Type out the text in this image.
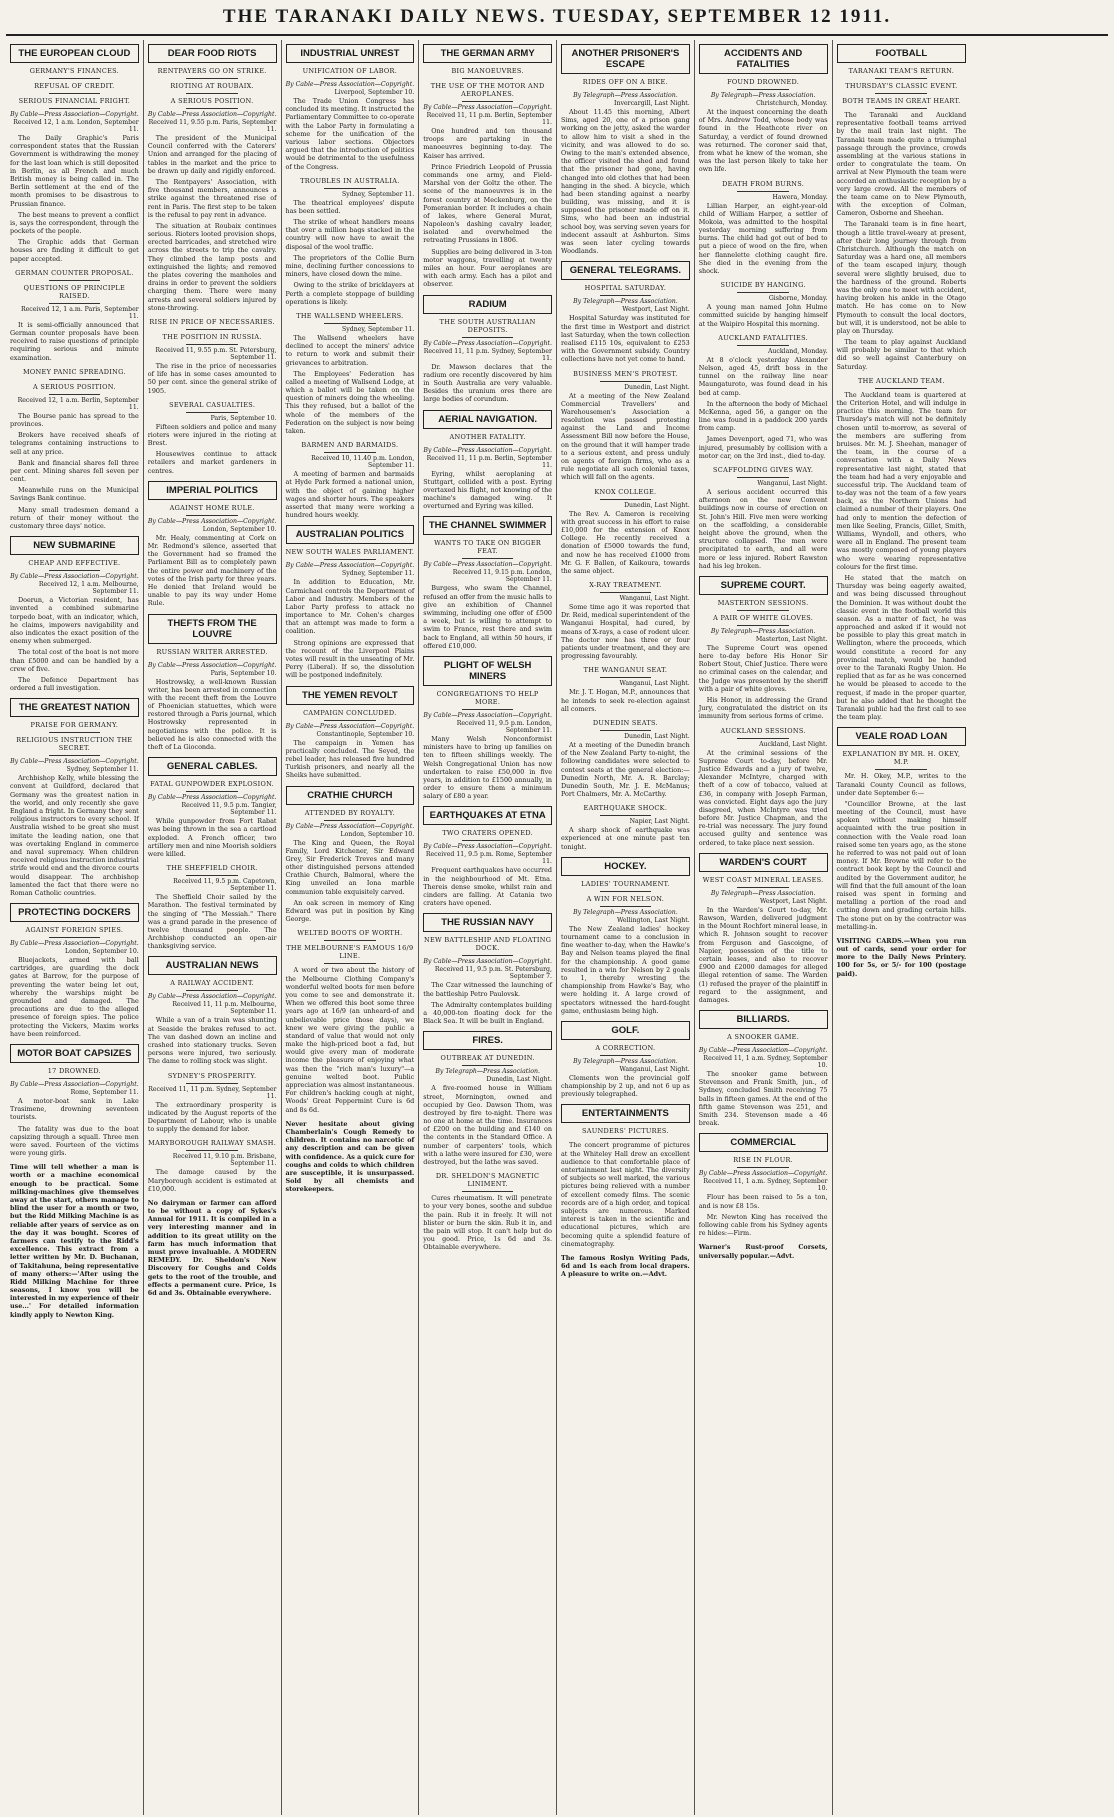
THE TARANAKI DAILY NEWS. TUESDAY, SEPTEMBER 12 1911.
THE EUROPEAN CLOUD
GERMANY'S FINANCES.
REFUSAL OF CREDIT.
SERIOUS FINANCIAL FRIGHT.
By Cable—Press Association—Copyright.
Received 12, 1 a.m. London, September 11.

The Daily Graphic's Paris correspondent states that the Russian Government is withdrawing the money for the last loan which is still deposited in Berlin, as all French and much British money is being called in. The Berlin settlement at the end of the month promises to be disastrous to Prussian finance.

The best means to prevent a conflict is, says the correspondent, through the pockets of the people.

The Graphic adds that German houses are finding it difficult to get paper accepted.

GERMAN COUNTER PROPOSAL.
QUESTIONS OF PRINCIPLE RAISED.
Received 12, 1 a.m. Paris, September 11.

It is semi-officially announced that German counter proposals have been received to raise questions of principle requiring serious and minute examination.

MONEY PANIC SPREADING.
A SERIOUS POSITION.
Received 12, 1 a.m. Berlin, September 11.

The Bourse panic has spread to the provinces.

Brokers have received sheafs of telegrams containing instructions to sell at any price.

Bank and financial shares fell three per cent. Mining shares fell seven per cent.

Meanwhile runs on the Municipal Savings Bank continue.

Many small tradesmen demand a return of their money without the customary three days' notice.

NEW SUBMARINE
CHEAP AND EFFECTIVE.
By Cable—Press Association—Copyright.
Received 12, 1 a.m. Melbourne, September 11.

Doerun, a Victorian resident, has invented a combined submarine torpedo boat, with an indicator, which, he claims, impowers navigability and also indicates the exact position of the enemy when submerged.

The total cost of the boat is not more than £5000 and can be handled by a crew of five.

The Defence Department has ordered a full investigation.

THE GREATEST NATION
PRAISE FOR GERMANY.
RELIGIOUS INSTRUCTION THE SECRET.
By Cable—Press Association—Copyright.
Sydney, September 11.

Archbishop Kelly, while blessing the convent at Guildford, declared that Germany was the greatest nation in the world, and only recently she gave England a fright. In Germany they sent religious instructors to every school. If Australia wished to be great she must imitate the leading nation, one that was overtaking England in commerce and naval supremacy. When children received religious instruction industrial strife would end and the divorce courts would disappear. The archbishop lamented the fact that there were no Roman Catholic countries.

PROTECTING DOCKERS
AGAINST FOREIGN SPIES.
By Cable—Press Association—Copyright.
London, September 10.

Bluejackets, armed with ball cartridges, are guarding the dock gates at Barrow, for the purpose of preventing the water being let out, whereby the warships might be grounded and damaged. The precautions are due to the alleged presence of foreign spies. The police protecting the Vickers, Maxim works have been reinforced.

MOTOR BOAT CAPSIZES
17 DROWNED.
By Cable—Press Association—Copyright.
Rome, September 11.

A motor-boat sank in Lake Trasimene, drowning seventeen tourists.

The fatality was due to the boat capsizing through a squall. Three men were saved. Fourteen of the victims were young girls.

Time will tell whether a man is worth or a machine economical enough to be practical. Some milking-machines give themselves away at the start, others manage to blind the user for a month or two, but the Ridd Milking Machine is as reliable after years of service as on the day it was bought. Scores of farmers can testify to the Ridd's excellence. This extract from a letter written by Mr. D. Buchanan, of Takitahuna, being representative of many others:—'After using the Ridd Milking Machine for three seasons, I know you will be interested in my experience of their use...' For detailed information kindly apply to Newton King.
DEAR FOOD RIOTS
RENTPAYERS GO ON STRIKE.
RIOTING AT ROUBAIX.
A SERIOUS POSITION.
By Cable—Press Association—Copyright.
Received 11, 9.55 p.m. Paris, September 11.

The president of the Municipal Council conferred with the Caterers' Union and arranged for the placing of tables in the market and the price to be drawn up daily and rigidly enforced.

The Rentpayers' Association, with five thousand members, announces a strike against the threatened rise of rent in Paris. The first step to be taken is the refusal to pay rent in advance.

The situation at Roubaix continues serious. Rioters looted provision shops, erected barricades, and stretched wire across the streets to trip the cavalry. They climbed the lamp posts and extinguished the lights; and removed the plates covering the manholes and drains in order to prevent the soldiers charging them. There were many arrests and several soldiers injured by stone-throwing.

RISE IN PRICE OF NECESSARIES.
THE POSITION IN RUSSIA.
Received 11, 9.55 p.m. St. Petersburg, September 11.

The rise in the price of necessaries of life has in some cases amounted to 50 per cent. since the general strike of 1905.

SEVERAL CASUALTIES.
Paris, September 10.

Fifteen soldiers and police and many rioters were injured in the rioting at Brest.

Housewives continue to attack retailers and market gardeners in centres.

IMPERIAL POLITICS
AGAINST HOME RULE.
By Cable—Press Association—Copyright.
London, September 10.

Mr. Healy, commenting at Cork on Mr. Redmond's silence, asserted that the Government had so framed the Parliament Bill as to completely pawn the entire power and machinery of the votes of the Irish party for three years. He denied that Ireland would be unable to pay its way under Home Rule.

THEFTS FROM THE LOUVRE
RUSSIAN WRITER ARRESTED.
By Cable—Press Association—Copyright.
Paris, September 10.

Hostrowsky, a well-known Russian writer, has been arrested in connection with the recent theft from the Louvre of Phoenician statuettes, which were restored through a Paris journal, which Hostrowsky represented in negotiations with the police. It is believed he is also connected with the theft of La Gioconda.

GENERAL CABLES.
FATAL GUNPOWDER EXPLOSION.
By Cable—Press Association—Copyright.
Received 11, 9.5 p.m. Tangier, September 11.

While gunpowder from Fort Rabat was being thrown in the sea a cartload exploded. A French officer, two artillery men and nine Moorish soldiers were killed.

THE SHEFFIELD CHOIR.
Received 11, 9.5 p.m. Capetown, September 11.

The Sheffield Choir sailed by the Marathon. The festival terminated by the singing of "The Messiah." There was a grand parade in the presence of twelve thousand people. The Archbishop conducted an open-air thanksgiving service.

AUSTRALIAN NEWS
A RAILWAY ACCIDENT.
By Cable—Press Association—Copyright.
Received 11, 11 p.m. Melbourne, September 11.

While a van of a train was shunting at Seaside the brakes refused to act. The van dashed down an incline and crashed into stationary trucks. Seven persons were injured, two seriously. The dame to rolling stock was slight.

SYDNEY'S PROSPERITY.
Received 11, 11 p.m. Sydney, September 11.

The extraordinary prosperity is indicated by the August reports of the Department of Labour, who is unable to supply the demand for labor.

MARYBOROUGH RAILWAY SMASH.
Received 11, 9.10 p.m. Brisbane, September 11.

The damage caused by the Maryborough accident is estimated at £10,000.

No dairyman or farmer can afford to be without a copy of Sykes's Annual for 1911. It is compiled in a very interesting manner and in addition to its great utility on the farm has much information that must prove invaluable. A MODERN REMEDY. Dr. Sheldon's New Discovery for Coughs and Colds gets to the root of the trouble, and effects a permanent cure. Price, 1s 6d and 3s. Obtainable everywhere.
INDUSTRIAL UNREST
UNIFICATION OF LABOR.
By Cable—Press Association—Copyright.
Liverpool, September 10.

The Trade Union Congress has concluded its meeting. It instructed the Parliamentary Committee to co-operate with the Labor Party in formulating a scheme for the unification of the various labor sections. Objectors argued that the introduction of politics would be detrimental to the usefulness of the Congress.

TROUBLES IN AUSTRALIA.
Sydney, September 11.

The theatrical employees' dispute has been settled.

The strike of wheat handlers means that over a million bags stacked in the country will now have to await the disposal of the wool traffic.

The proprietors of the Collie Burn mine, declining further concessions to miners, have closed down the mine.

Owing to the strike of bricklayers at Perth a complete stoppage of building operations is likely.

THE WALLSEND WHEELERS.
Sydney, September 11.

The Wallsend wheelers have declined to accept the miners' advice to return to work and submit their grievances to arbitration.

The Employees' Federation has called a meeting of Wallsend Lodge, at which a ballot will be taken on the question of miners doing the wheeling. This they refused, but a ballot of the whole of the members of the Federation on the subject is now being taken.

BARMEN AND BARMAIDS.
Received 10, 11.40 p.m. London, September 11.

A meeting of barmen and barmaids at Hyde Park formed a national union, with the object of gaining higher wages and shorter hours. The speakers asserted that many were working a hundred hours weekly.

AUSTRALIAN POLITICS
NEW SOUTH WALES PARLIAMENT.
By Cable—Press Association—Copyright.
Sydney, September 11.

In addition to Education, Mr. Carmichael controls the Department of Labor and Industry. Members of the Labor Party profess to attack no importance to Mr. Cohen's charges that an attempt was made to form a coalition.

Strong opinions are expressed that the recount of the Liverpool Plains votes will result in the unseating of Mr. Perry (Liberal). If so, the dissolution will be postponed indefinitely.

THE YEMEN REVOLT
CAMPAIGN CONCLUDED.
By Cable—Press Association—Copyright.
Constantinople, September 10.

The campaign in Yemen has practically concluded. The Seyed, the rebel leader, has released five hundred Turkish prisoners, and nearly all the Sheiks have submitted.

CRATHIE CHURCH
ATTENDED BY ROYALTY.
By Cable—Press Association—Copyright.
London, September 10.

The King and Queen, the Royal Family, Lord Kitchener, Sir Edward Grey, Sir Frederick Treves and many other distinguished persons attended Crathie Church, Balmoral, where the King unveiled an Iona marble communion table exquisitely carved.

An oak screen in memory of King Edward was put in position by King George.

WELTED BOOTS OF WORTH.
THE MELBOURNE'S FAMOUS 16/9 LINE.

A word or two about the history of the Melbourne Clothing Company's wonderful welted boots for men before you come to see and demonstrate it. When we offered this boot some three years ago at 16/9 (an unheard-of and unbelievable price those days), we knew we were giving the public a standard of value that would not only make the high-priced boot a fad, but would give every man of moderate income the pleasure of enjoying what was then the "rich man's luxury"—a genuine welted boot. Public appreciation was almost instantaneous. For children's hacking cough at night, Woods' Great Peppermint Cure is 6d and 8s 6d.

Never hesitate about giving Chamberlain's Cough Remedy to children. It contains no narcotic of any description and can be given with confidence. As a quick cure for coughs and colds to which children are susceptible, it is unsurpassed. Sold by all chemists and storekeepers.
THE GERMAN ARMY
BIG MANOEUVRES.
THE USE OF THE MOTOR AND AEROPLANES.
By Cable—Press Association—Copyright.
Received 11, 11 p.m. Berlin, September 11.

One hundred and ten thousand troops are partaking in the manoeuvres beginning to-day. The Kaiser has arrived.

Prince Friedrich Leopold of Prussia commands one army, and Field-Marshal von der Goltz the other. The scene of the manoeuvres is in the forest country at Meckenburg, on the Pomeranian border. It includes a chain of lakes, where General Murat, Napoleon's dashing cavalry leader, isolated and overwhelmed the retreating Prussians in 1806.

Supplies are being delivered in 3-ton motor waggons, travelling at twenty miles an hour. Four aeroplanes are with each army. Each has a pilot and observer.

RADIUM
THE SOUTH AUSTRALIAN DEPOSITS.
By Cable—Press Association—Copyright.
Received 11, 11 p.m. Sydney, September 11.

Dr. Mawson declares that the radium ore recently discovered by him in South Australia are very valuable. Besides the uranium ores there are large bodies of corundum.

AERIAL NAVIGATION.
ANOTHER FATALITY.
By Cable—Press Association—Copyright.
Received 11, 11 p.m. Berlin, September 11.

Eyring, whilst aeroplaning at Stuttgart, collided with a post. Eyring overtaxed his flight, not knowing of the machine's damaged wing. It overturned and Eyring was killed.

THE CHANNEL SWIMMER
WANTS TO TAKE ON BIGGER FEAT.
By Cable—Press Association—Copyright.
Received 11, 9.15 p.m. London, September 11.

Burgess, who swam the Channel, refused an offer from the music halls to give an exhibition of Channel swimming, including one offer of £500 a week, but is willing to attempt to swim to France, rest there and swim back to England, all within 50 hours, if offered £10,000.

PLIGHT OF WELSH MINERS
CONGREGATIONS TO HELP MORE.
By Cable—Press Association—Copyright.
Received 11, 9.5 p.m. London, September 11.

Many Welsh Nonconformist ministers have to bring up families on ten to fifteen shillings weekly. The Welsh Congregational Union has now undertaken to raise £50,000 in five years, in addition to £1500 annually, in order to ensure them a minimum salary of £80 a year.

EARTHQUAKES AT ETNA
TWO CRATERS OPENED.
By Cable—Press Association—Copyright.
Received 11, 9.5 p.m. Rome, September 11.

Frequent earthquakes have occurred in the neighbourhood of Mt. Etna. Thereis dense smoke, whilst rain and cinders are falling. At Catania two craters have opened.

THE RUSSIAN NAVY
NEW BATTLESHIP AND FLOATING DOCK.
By Cable—Press Association—Copyright.
Received 11, 9.5 p.m. St. Petersburg, September 7.

The Czar witnessed the launching of the battleship Petro Paulovsk.

The Admiralty contemplates building a 40,000-ton floating dock for the Black Sea. It will be built in England.

FIRES.
OUTBREAK AT DUNEDIN.
By Telegraph—Press Association.
Dunedin, Last Night.

A five-roomed house in William street, Mornington, owned and occupied by Geo. Dawson Thom, was destroyed by fire to-night. There was no one at home at the time. Insurances of £200 on the building and £140 on the contents in the Standard Office. A number of carpenters' tools, which with a lathe were insured for £30, were destroyed, but the lathe was saved.

DR. SHELDON'S MAGNETIC LINIMENT.

Cures rheumatism. It will penetrate to your very bones, soothe and subdue the pain. Rub it in freely. It will not blister or burn the skin. Rub it in, and the pain will stop. It can't help but do you good. Price, 1s 6d and 3s. Obtainable everywhere.

ANOTHER PRISONER'S ESCAPE
RIDES OFF ON A BIKE.
By Telegraph—Press Association.
Invercargill, Last Night.

About 11.45 this morning, Albert Sims, aged 20, one of a prison gang working on the jetty, asked the warder to allow him to visit a shed in the vicinity, and was allowed to do so. Owing to the man's extended absence, the officer visited the shed and found that the prisoner had gone, having changed into old clothes that had been hanging in the shed. A bicycle, which had been standing against a nearby building, was missing, and it is supposed the prisoner made off on it. Sims, who had been an industrial school boy, was serving seven years for indecent assault at Ashburton. Sims was seen later cycling towards Woodlands.

GENERAL TELEGRAMS.
HOSPITAL SATURDAY.
By Telegraph—Press Association.
Westport, Last Night.

Hospital Saturday was instituted for the first time in Westport and district last Saturday, when the town collection realised £115 10s, equivalent to £253 with the Government subsidy. Country collections have not yet come to hand.

BUSINESS MEN'S PROTEST.
Dunedin, Last Night.

At a meeting of the New Zealand Commercial Travellers' and Warehousemen's Association a resolution was passed protesting against the Land and Income Assessment Bill now before the House, on the ground that it will hamper trade to a serious extent, and press unduly on agents of foreign firms, who as a rule negotiate all such colonial taxes, which will fall on the agents.

KNOX COLLEGE.
Dunedin, Last Night.

The Rev. A. Cameron is receiving with great success in his effort to raise £10,000 for the extension of Knox College. He recently received a donation of £5000 towards the fund, and now he has received £1000 from Mr. G. F. Ballen, of Kaikoura, towards the same object.

X-RAY TREATMENT.
Wanganui, Last Night.

Some time ago it was reported that Dr. Reid, medical superintendent of the Wanganui Hospital, had cured, by means of X-rays, a case of rodent ulcer. The doctor now has three or four patients under treatment, and they are progressing favourably.

THE WANGANUI SEAT.
Wanganui, Last Night.

Mr. J. T. Hogan, M.P., announces that he intends to seek re-election against all comers.

DUNEDIN SEATS.
Dunedin, Last Night.

At a meeting of the Dunedin branch of the New Zealand Party to-night, the following candidates were selected to contest seats at the general election:—Dunedin North, Mr. A. R. Barclay; Dunedin South, Mr. J. E. McManus; Port Chalmers, Mr. A. McCarthy.

EARTHQUAKE SHOCK.
Napier, Last Night.

A sharp shock of earthquake was experienced at one minute past ten tonight.

HOCKEY.
LADIES' TOURNAMENT.
A WIN FOR NELSON.
By Telegraph—Press Association.
Wellington, Last Night.

The New Zealand ladies' hockey tournament came to a conclusion in fine weather to-day, when the Hawke's Bay and Nelson teams played the final for the championship. A good game resulted in a win for Nelson by 2 goals to 1, thereby wresting the championship from Hawke's Bay, who were holding it. A large crowd of spectators witnessed the hard-fought game, enthusiasm being high.

GOLF.
A CORRECTION.
By Telegraph—Press Association.
Wanganui, Last Night.

Clements won the provincial golf championship by 2 up, and not 6 up as previously telegraphed.

ENTERTAINMENTS
SAUNDERS' PICTURES.

The concert programme of pictures at the Whiteley Hall drew an excellent audience to that comfortable place of entertainment last night. The diversity of subjects so well marked, the various pictures being relieved with a number of excellent comedy films. The scenic records are of a high order, and topical subjects are numerous. Marked interest is taken in the scientific and educational pictures, which are becoming quite a splendid feature of cinematography.

The famous Roslyn Writing Pads, 6d and 1s each from local drapers. A pleasure to write on.—Advt.
ACCIDENTS AND FATALITIES
FOUND DROWNED.
By Telegraph—Press Association.
Christchurch, Monday.

At the inquest concerning the death of Mrs. Andrew Todd, whose body was found in the Heathcote river on Saturday, a verdict of found drowned was returned. The coroner said that, from what he knew of the woman, she was the last person likely to take her own life.

DEATH FROM BURNS.
Hawera, Monday.

Lillian Harper, an eight-year-old child of William Harper, a settler of Mokoia, was admitted to the hospital yesterday morning suffering from burns. The child had got out of bed to put a piece of wood on the fire, when her flannelette clothing caught fire. She died in the evening from the shock.

SUICIDE BY HANGING.
Gisborne, Monday.

A young man named John Hulme committed suicide by hanging himself at the Waipiro Hospital this morning.

AUCKLAND FATALITIES.
Auckland, Monday.

At 8 o'clock yesterday Alexander Nelson, aged 45, drift boss in the tunnel on the railway line near Maungaturoto, was found dead in his bed at camp.

In the afternoon the body of Michael McKenna, aged 56, a ganger on the line was found in a paddock 200 yards from camp.

James Devenport, aged 71, who was injured, presumably by collision with a motor car, on the 3rd inst., died to-day.

SCAFFOLDING GIVES WAY.
Wanganui, Last Night.

A serious accident occurred this afternoon on the new Convent buildings now in course of erection on St. John's Hill. Five men were working on the scaffolding, a considerable height above the ground, when the structure collapsed. The men were precipitated to earth, and all were more or less injured. Robert Rawston had his leg broken.

SUPREME COURT.
MASTERTON SESSIONS.
A PAIR OF WHITE GLOVES.
By Telegraph—Press Association.
Masterton, Last Night.

The Supreme Court was opened here to-day before His Honor Sir Robert Stout, Chief Justice. There were no criminal cases on the calendar, and the Judge was presented by the sheriff with a pair of white gloves.

His Honor, in addressing the Grand Jury, congratulated the district on its immunity from serious forms of crime.

AUCKLAND SESSIONS.
Auckland, Last Night.

At the criminal sessions of the Supreme Court to-day, before Mr. Justice Edwards and a jury of twelve, Alexander McIntyre, charged with theft of a cow of tobacco, valued at £36, in company with Joseph Farman, was convicted. Eight days ago the jury disagreed, when McIntyre was tried before Mr. Justice Chapman, and the re-trial was necessary. The jury found accused guilty and sentence was ordered, to take place next session.

WARDEN'S COURT
WEST COAST MINERAL LEASES.
By Telegraph—Press Association.
Westport, Last Night.

In the Warden's Court to-day, Mr. Rawson, Warden, delivered judgment in the Mount Rochfort mineral lease, in which R. Johnson sought to recover from Ferguson and Gascoigne, of Napier, possession of the title to certain leases, and also to recover £900 and £2000 damages for alleged illegal retention of same. The Warden (1) refused the prayer of the plaintiff in regard to the assignment, and damages.

BILLIARDS.
A SNOOKER GAME.
By Cable—Press Association—Copyright.
Received 11, 1 a.m. Sydney, September 10.

The snooker game between Stevenson and Frank Smith, jun., of Sydney, concluded Smith receiving 75 balls in fifteen games. At the end of the fifth game Stevenson was 251, and Smith 234. Stevenson made a 46 break.

COMMERCIAL
RISE IN FLOUR.
By Cable—Press Association—Copyright.
Received 11, 1 a.m. Sydney, September 10.

Flour has been raised to 5s a ton, and is now £8 15s.

Mr. Newton King has received the following cable from his Sydney agents re hides:—Firm.

Warner's Rust-proof Corsets, universally popular.—Advt.
FOOTBALL
TARANAKI TEAM'S RETURN.
THURSDAY'S CLASSIC EVENT.
BOTH TEAMS IN GREAT HEART.

The Taranaki and Auckland representative football teams arrived by the mail train last night. The Taranaki team made quite a triumphal passage through the province, crowds assembling at the various stations in order to congratulate the team. On arrival at New Plymouth the team were accorded an enthusiastic reception by a very large crowd. All the members of the team came on to New Plymouth, with the exception of Colman, Cameron, Osborne and Sheehan.

The Taranaki team is in fine heart, though a little travel-weary at present, after their long journey through from Christchurch. Although the match on Saturday was a hard one, all members of the team escaped injury, though several were slightly bruised, due to the hardness of the ground. Roberts was the only one to meet with accident, having broken his ankle in the Otago match. He has come on to New Plymouth to consult the local doctors, but will, it is understood, not be able to play on Thursday.

The team to play against Auckland will probably be similar to that which did so well against Canterbury on Saturday.

THE AUCKLAND TEAM.

The Auckland team is quartered at the Criterion Hotel, and will indulge in practice this morning. The team for Thursday's match will not be definitely chosen until to-morrow, as several of the members are suffering from bruises. Mr. M. J. Sheehan, manager of the team, in the course of a conversation with a Daily News representative last night, stated that the team had had a very enjoyable and successful trip. The Auckland team of to-day was not the team of a few years back, as the Northern Unions had claimed a number of their players. One had only to mention the defection of men like Seeling, Francis, Gillet, Smith, Williams, Wyndoll, and others, who were all in England. The present team was mostly composed of young players who were wearing representative colours for the first time.

He stated that the match on Thursday was being eagerly awaited, and was being discussed throughout the Dominion. It was without doubt the classic event in the football world this season. As a matter of fact, he was approached and asked if it would not be possible to play this great match in Wellington, where the proceeds, which would constitute a record for any provincial match, would be handed over to the Taranaki Rugby Union. He replied that as far as he was concerned he would be pleased to accede to the request, if made in the proper quarter, but he also added that he thought the Taranaki public had the first call to see the team play.

VEALE ROAD LOAN
EXPLANATION BY MR. H. OKEY, M.P.

Mr. H. Okey, M.P., writes to the Taranaki County Council as follows, under date September 6:—

"Councillor Browne, at the last meeting of the Council, must have spoken without making himself acquainted with the true position in connection with the Veale road loan raised some ten years ago, as the stone he referred to was not paid out of loan money. If Mr. Browne will refer to the contract book kept by the Council and audited by the Government auditor, he will find that the full amount of the loan raised was spent in forming and metalling a portion of the road and cutting down and grading certain hills. The stone put on by the contractor was metalling-in.

VISITING CARDS.—When you run out of cards, send your order for more to the Daily News Printery. 100 for 5s, or 5/- for 100 (postage paid).
